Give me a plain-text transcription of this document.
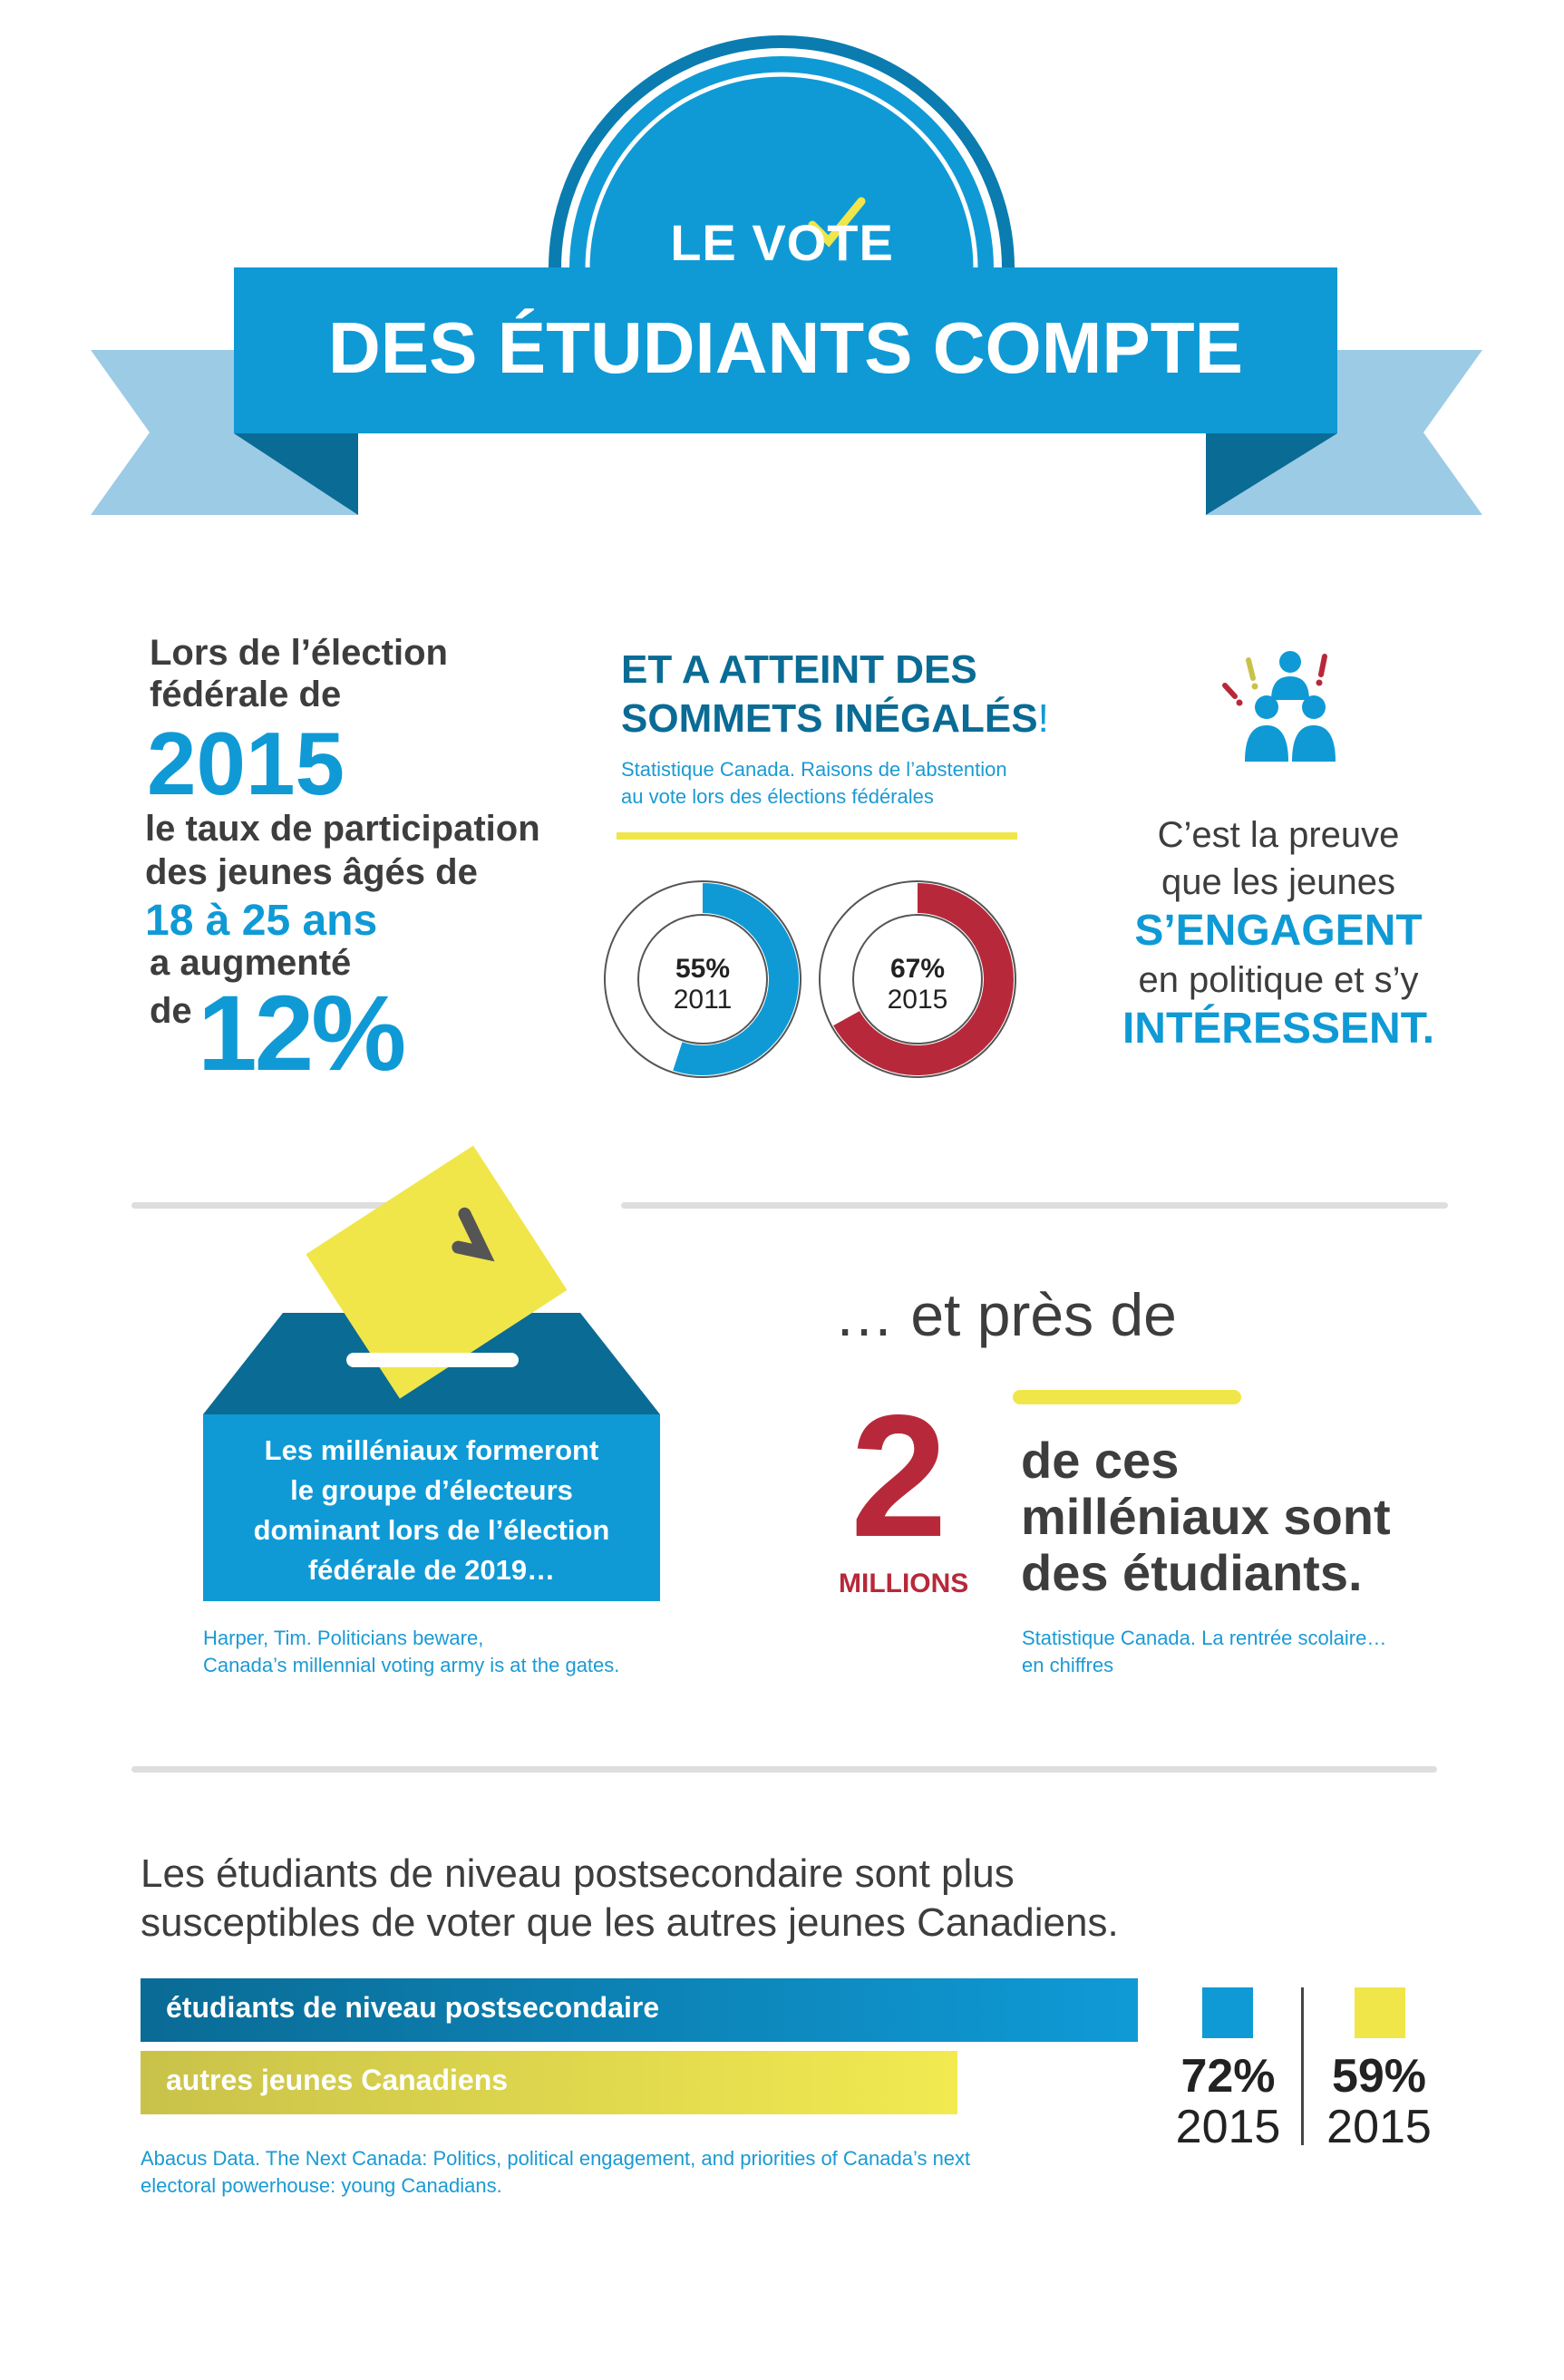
LE VOTE
DES ÉTUDIANTS COMPTE
Lors de l’élection
fédérale de
2015
le taux de participation
des jeunes âgés de
18 à 25 ans
a augmenté
de 12%
ET A ATTEINT DES
SOMMETS INÉGALÉS!
Statistique Canada. Raisons de l’abstention
au vote lors des élections fédérales
55%
2011
67%
2015
C’est la preuve
que les jeunes
S’ENGAGENT
en politique et s’y
INTÉRESSENT.
Les milléniaux formeront
le groupe d’électeurs
dominant lors de l’élection
fédérale de 2019…
Harper, Tim. Politicians beware,
Canada’s millennial voting army is at the gates.
… et près de
2
MILLIONS
de ces
milléniaux sont
des étudiants.
Statistique Canada. La rentrée scolaire…
en chiffres
Les étudiants de niveau postsecondaire sont plus
susceptibles de voter que les autres jeunes Canadiens.
étudiants de niveau postsecondaire
autres jeunes Canadiens	72%
2015
59%
2015
Abacus Data. The Next Canada: Politics, political engagement, and priorities of Canada’s next
electoral powerhouse: young Canadians.
